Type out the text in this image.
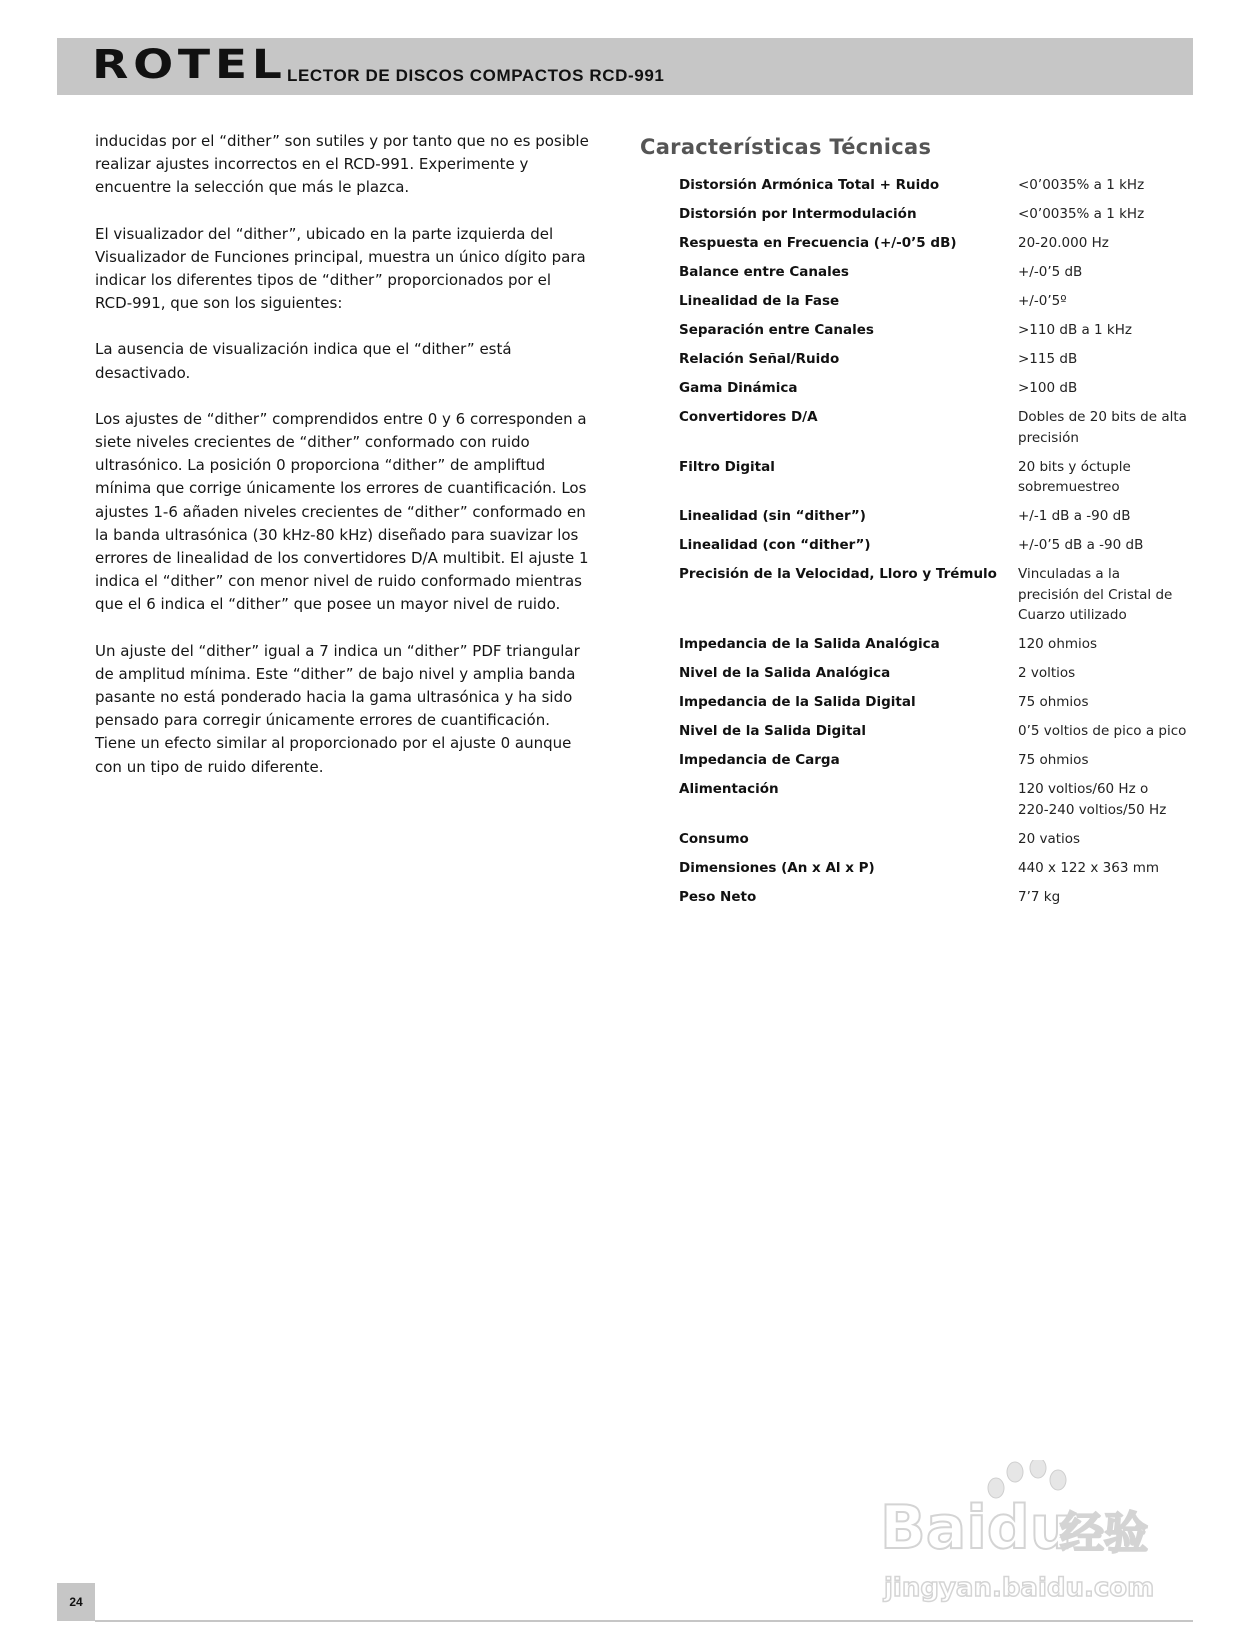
ROTEL LECTOR DE DISCOS COMPACTOS RCD-991

inducidas por el “dither” son sutiles y por tanto que no es posible
realizar ajustes incorrectos en el RCD-991. Experimente y
encuentre la selección que más le plazca.

El visualizador del “dither”, ubicado en la parte izquierda del
Visualizador de Funciones principal, muestra un único dígito para
indicar los diferentes tipos de “dither” proporcionados por el
RCD-991, que son los siguientes:

La ausencia de visualización indica que el “dither” está
desactivado.

Los ajustes de “dither” comprendidos entre 0 y 6 corresponden a
siete niveles crecientes de “dither” conformado con ruido
ultrasónico. La posición 0 proporciona “dither” de ampliftud
mínima que corrige únicamente los errores de cuantificación. Los
ajustes 1-6 añaden niveles crecientes de “dither” conformado en
la banda ultrasónica (30 kHz-80 kHz) diseñado para suavizar los
errores de linealidad de los convertidores D/A multibit. El ajuste 1
indica el “dither” con menor nivel de ruido conformado mientras
que el 6 indica el “dither” que posee un mayor nivel de ruido.

Un ajuste del “dither” igual a 7 indica un “dither” PDF triangular
de amplitud mínima. Este “dither” de bajo nivel y amplia banda
pasante no está ponderado hacia la gama ultrasónica y ha sido
pensado para corregir únicamente errores de cuantificación.
Tiene un efecto similar al proporcionado por el ajuste 0 aunque
con un tipo de ruido diferente.

Características Técnicas
Distorsión Armónica Total + Ruido	<0’0035% a 1 kHz
Distorsión por Intermodulación	<0’0035% a 1 kHz
Respuesta en Frecuencia (+/-0’5 dB)	20-20.000 Hz
Balance entre Canales	+/-0’5 dB
Linealidad de la Fase	+/-0’5º
Separación entre Canales	>110 dB a 1 kHz
Relación Señal/Ruido	>115 dB
Gama Dinámica	>100 dB
Convertidores D/A	Dobles de 20 bits de alta
precisión
Filtro Digital	20 bits y óctuple
sobremuestreo
Linealidad (sin “dither”)	+/-1 dB a -90 dB
Linealidad (con “dither”)	+/-0’5 dB a -90 dB
Precisión de la Velocidad, Lloro y Trémulo	Vinculadas a la
precisión del Cristal de
Cuarzo utilizado
Impedancia de la Salida Analógica	120 ohmios
Nivel de la Salida Analógica	2 voltios
Impedancia de la Salida Digital	75 ohmios
Nivel de la Salida Digital	0’5 voltios de pico a pico
Impedancia de Carga	75 ohmios
Alimentación	120 voltios/60 Hz o
220-240 voltios/50 Hz
Consumo	20 vatios
Dimensiones (An x Al x P)	440 x 122 x 363 mm
Peso Neto	7’7 kg
Baidu
经验
jingyan.baidu.com
24
